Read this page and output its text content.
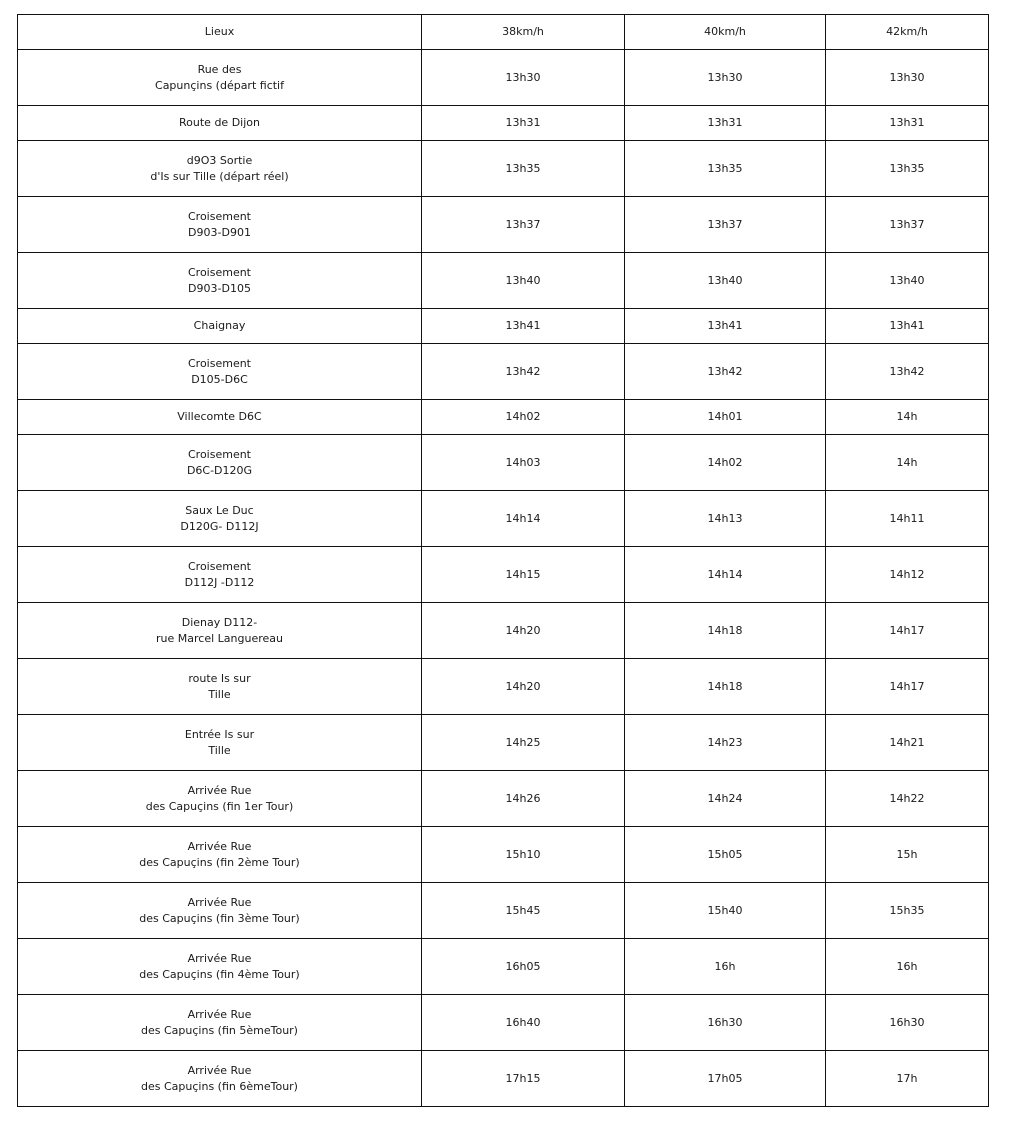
Lieux	38km/h	40km/h	42km/h
Rue des
Capunçins (départ fictif	13h30	13h30	13h30
Route de Dijon	13h31	13h31	13h31
d9O3 Sortie
d'Is sur Tille (départ réel)	13h35	13h35	13h35
Croisement
D903-D901	13h37	13h37	13h37
Croisement
D903-D105	13h40	13h40	13h40
Chaignay	13h41	13h41	13h41
Croisement
D105-D6C	13h42	13h42	13h42
Villecomte D6C	14h02	14h01	14h
Croisement
D6C-D120G	14h03	14h02	14h
Saux Le Duc
D120G- D112J	14h14	14h13	14h11
Croisement
D112J -D112	14h15	14h14	14h12
Dienay D112-
rue Marcel Languereau	14h20	14h18	14h17
route Is sur
Tille	14h20	14h18	14h17
Entrée Is sur
Tille	14h25	14h23	14h21
Arrivée Rue
des Capuçins (fin 1er Tour)	14h26	14h24	14h22
Arrivée Rue
des Capuçins (fin 2ème Tour)	15h10	15h05	15h
Arrivée Rue
des Capuçins (fin 3ème Tour)	15h45	15h40	15h35
Arrivée Rue
des Capuçins (fin 4ème Tour)	16h05	16h	16h
Arrivée Rue
des Capuçins (fin 5èmeTour)	16h40	16h30	16h30
Arrivée Rue
des Capuçins (fin 6èmeTour)	17h15	17h05	17h
